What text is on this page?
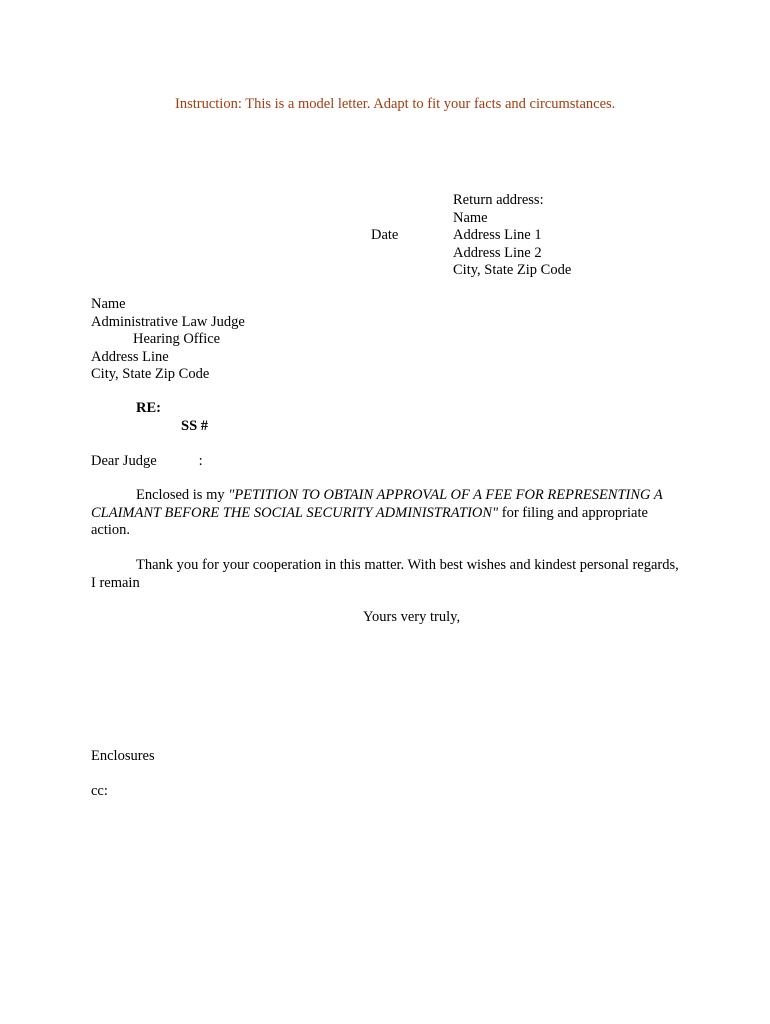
Instruction: This is a model letter. Adapt to fit your facts and circumstances.
Date
Return address:
Name
Address Line 1
Address Line 2
City, State Zip Code
Name
Administrative Law Judge
Hearing Office
Address Line
City, State Zip Code
RE:
SS #
Dear Judge	:
Enclosed is my "PETITION TO OBTAIN APPROVAL OF A FEE FOR REPRESENTING A CLAIMANT BEFORE THE SOCIAL SECURITY ADMINISTRATION" for filing and appropriate action.
Thank you for your cooperation in this matter. With best wishes and kindest personal regards, I remain
Yours very truly,
Enclosures
cc:
